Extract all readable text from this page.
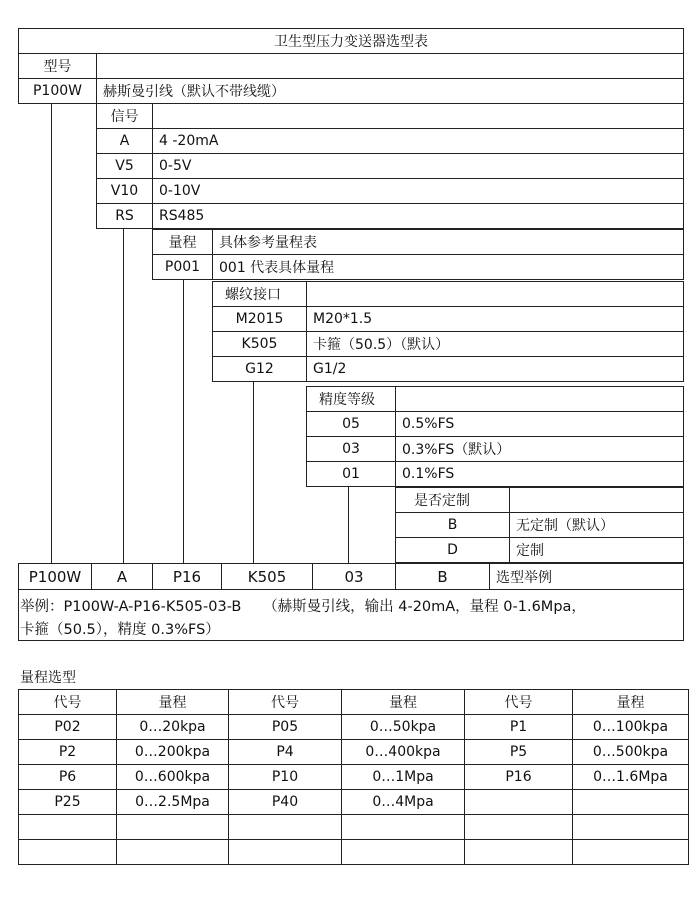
卫生型压力变送器选型表
型号
P100W	赫斯曼引线（默认不带线缆）
信号
A	4 -20mA
V5	0-5V
V10	0-10V
RS	RS485
量程	具体参考量程表
P001	001 代表具体量程
螺纹接口
M2015	M20*1.5
K505	卡箍（50.5）（默认）
G12	G1/2
精度等级
05	0.5%FS
03	0.3%FS（默认）
01	0.1%FS
是否定制
B	无定制（默认）
D	定制
P100W	A	P16	K505	03	B	选型举例
举例：P100W-A-P16-K505-03-B　　（赫斯曼引线，输出 4-20mA，量程 0-1.6Mpa，
卡箍（50.5），精度 0.3%FS）
量程选型
代号	量程	代号	量程	代号	量程
P02	0…20kpa	P05	0…50kpa	P1	0…100kpa
P2	0…200kpa	P4	0…400kpa	P5	0…500kpa
P6	0…600kpa	P10	0…1Mpa	P16	0…1.6Mpa
P25	0…2.5Mpa	P40	0…4Mpa
